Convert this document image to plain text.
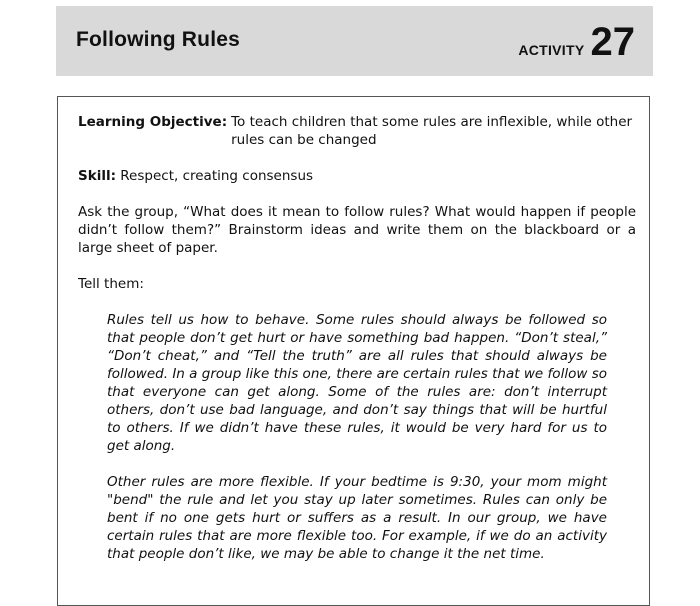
Following Rules	ACTIVITY 27
Learning Objective: To teach children that some rules are inflexible, while other rules can be changed

Skill: Respect, creating consensus

Ask the group, “What does it mean to follow rules? What would happen if people didn’t follow them?” Brainstorm ideas and write them on the blackboard or a large sheet of paper.

Tell them:

Rules tell us how to behave. Some rules should always be followed so that people don’t get hurt or have something bad happen. “Don’t steal,” “Don’t cheat,” and “Tell the truth” are all rules that should always be followed. In a group like this one, there are certain rules that we follow so that everyone can get along. Some of the rules are: don’t interrupt others, don’t use bad language, and don’t say things that will be hurtful to others. If we didn’t have these rules, it would be very hard for us to get along.

Other rules are more flexible. If your bedtime is 9:30, your mom might "bend" the rule and let you stay up later sometimes. Rules can only be bent if no one gets hurt or suffers as a result. In our group, we have certain rules that are more flexible too. For example, if we do an activity that people don’t like, we may be able to change it the net time.
